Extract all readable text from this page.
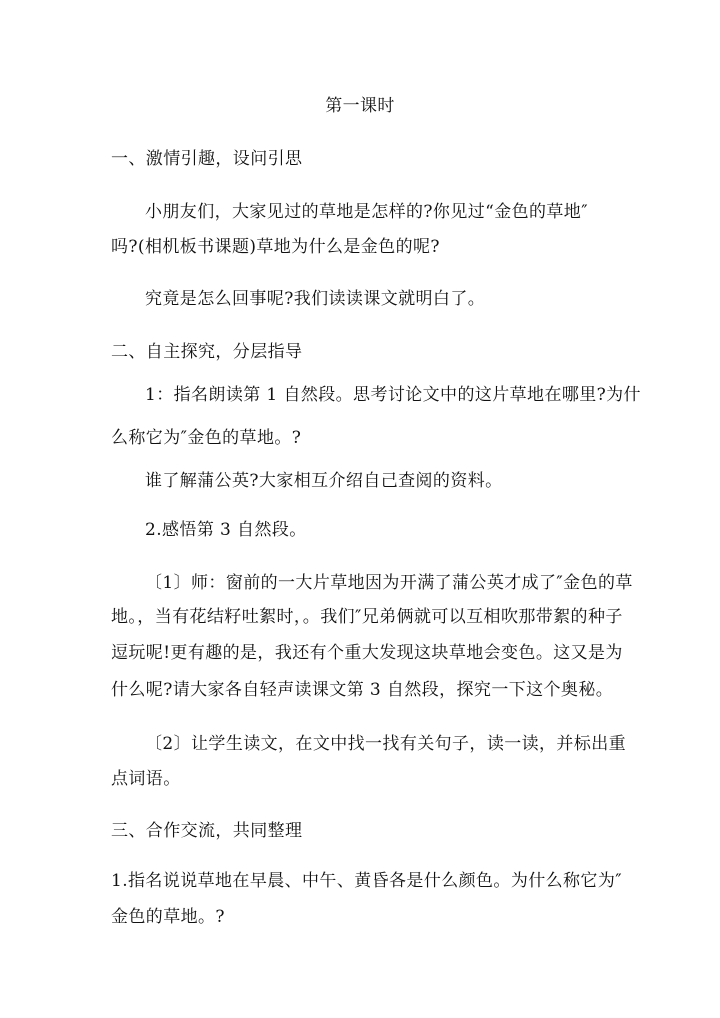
第一课时
一、激情引趣，设问引思
小朋友们，大家见过的草地是怎样的?你见过“金色的草地″
吗?(相机板书课题)草地为什么是金色的呢?
究竟是怎么回事呢?我们读读课文就明白了。
二、自主探究，分层指导
1：指名朗读第 1 自然段。思考讨论文中的这片草地在哪里?为什
么称它为″金色的草地。?
谁了解蒲公英?大家相互介绍自己查阅的资料。
2.感悟第 3 自然段。
〔1〕师：窗前的一大片草地因为开满了蒲公英才成了″金色的草
地。，当有花结籽吐絮时，。我们″兄弟俩就可以互相吹那带絮的种子
逗玩呢!更有趣的是，我还有个重大发现这块草地会变色。这又是为
什么呢?请大家各自轻声读课文第 3 自然段，探究一下这个奥秘。
〔2〕让学生读文，在文中找一找有关句子，读一读，并标出重
点词语。
三、合作交流，共同整理
1.指名说说草地在早晨、中午、黄昏各是什么颜色。为什么称它为″
金色的草地。?
